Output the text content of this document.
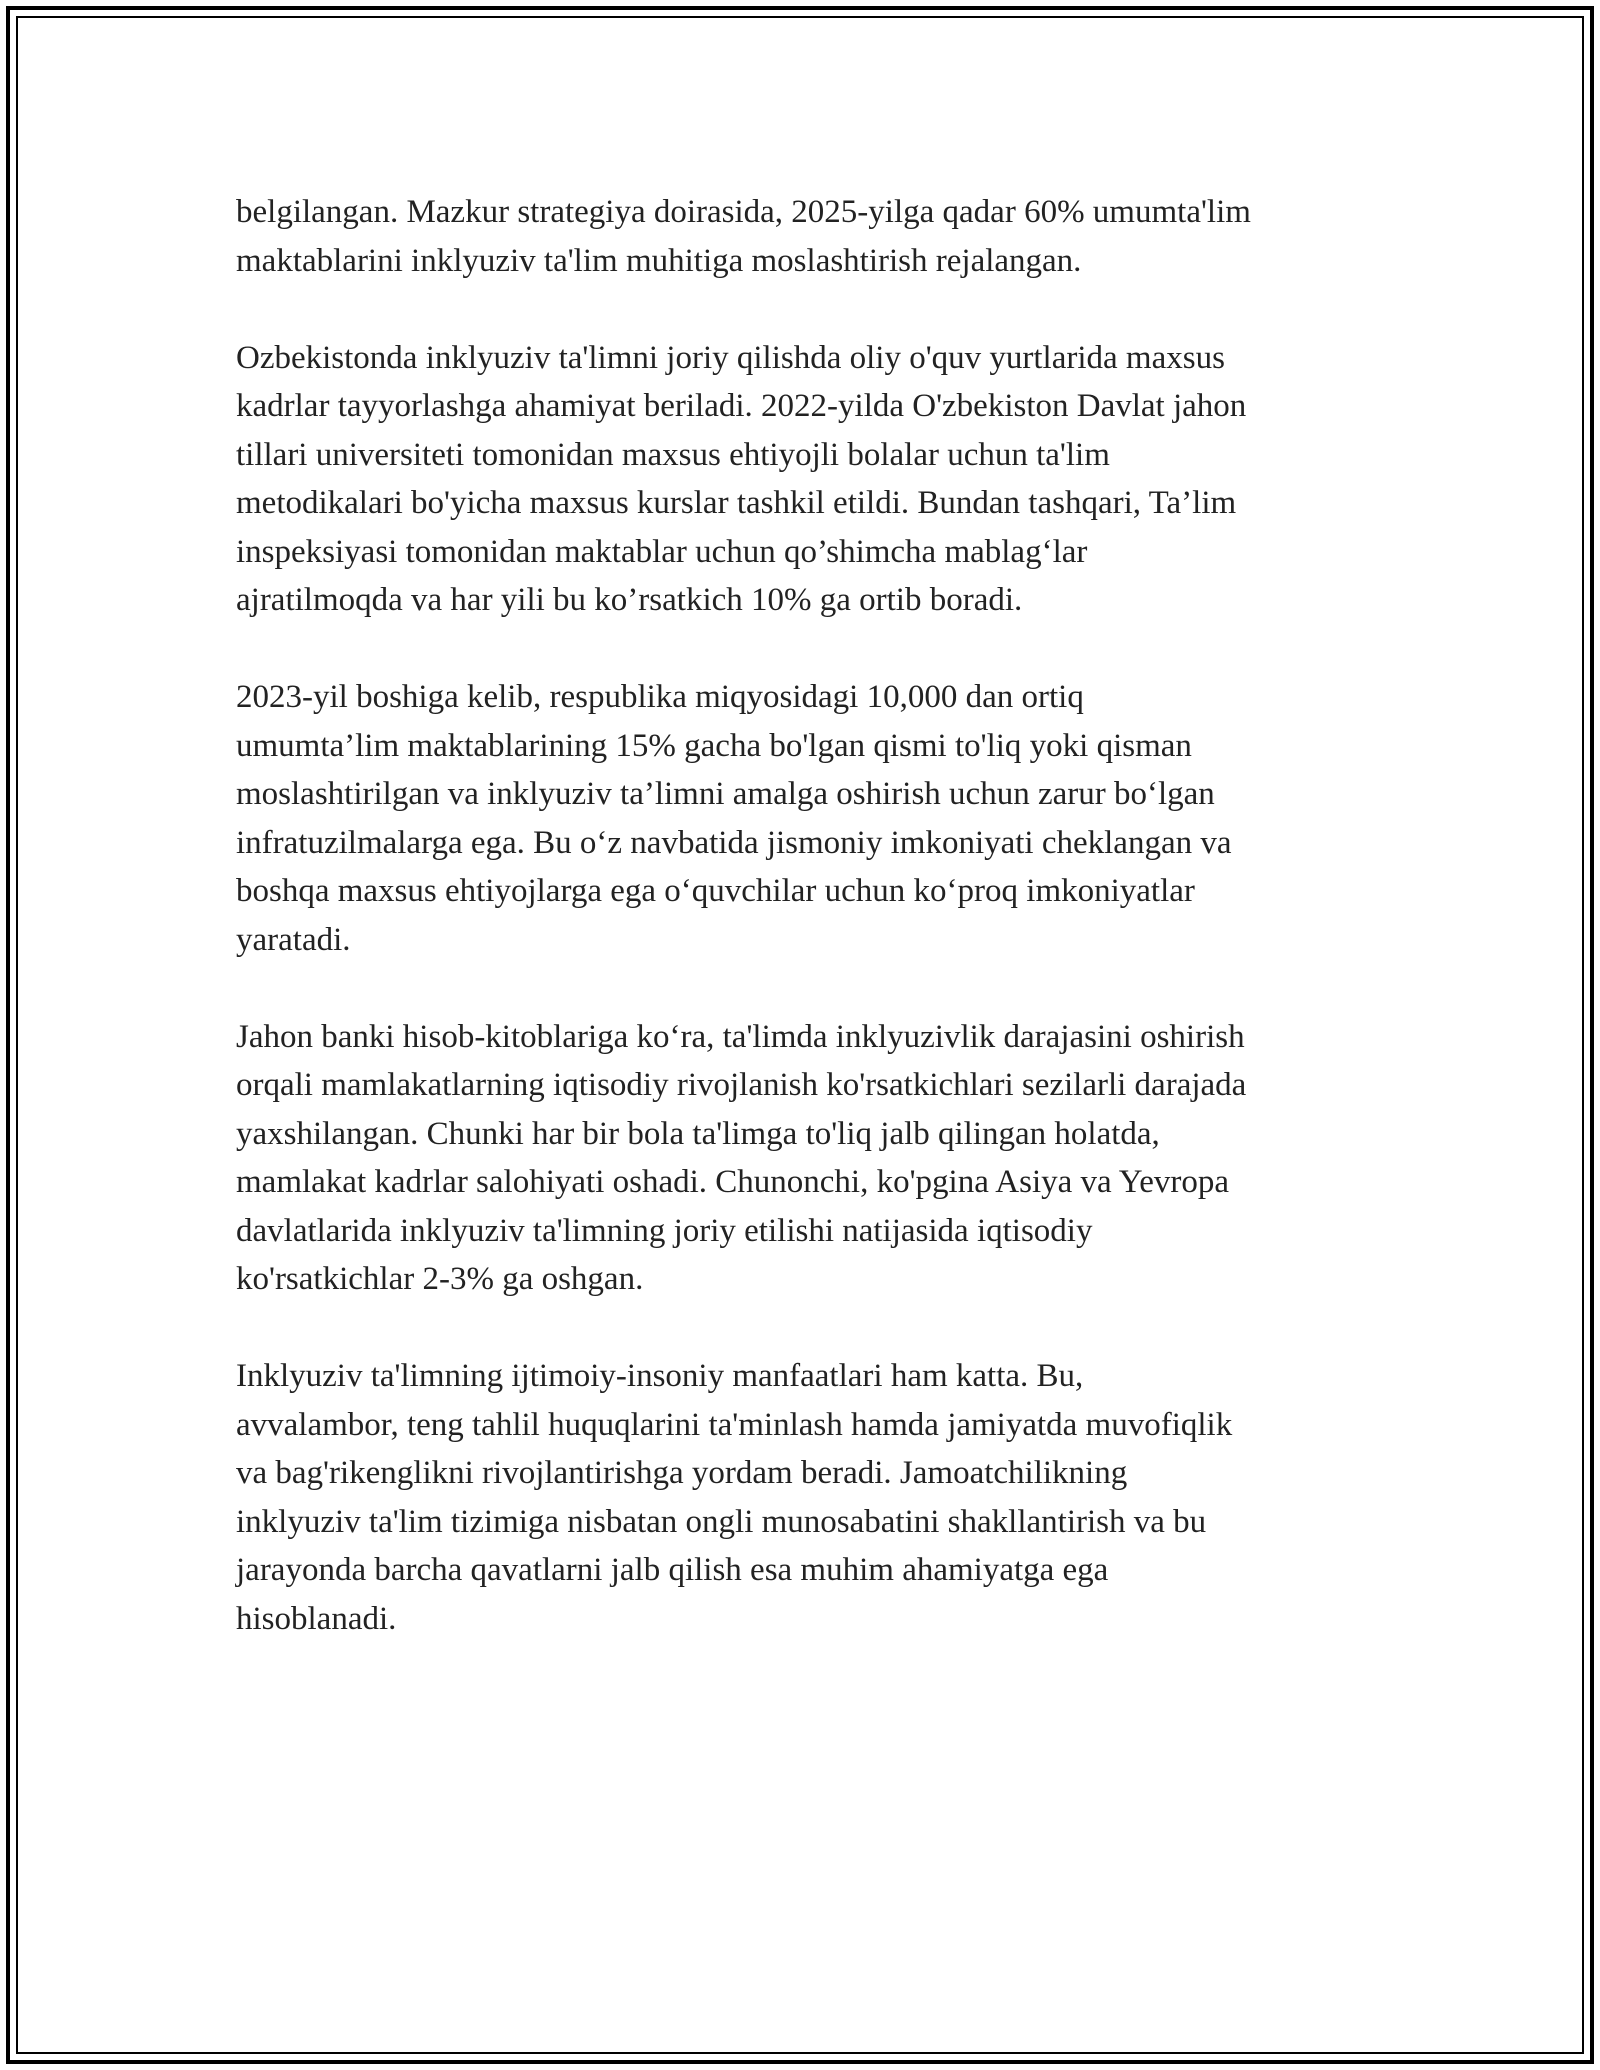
belgilangan. Mazkur strategiya doirasida, 2025-yilga qadar 60% umumta'lim
maktablarini inklyuziv ta'lim muhitiga moslashtirish rejalangan.

Ozbekistonda inklyuziv ta'limni joriy qilishda oliy o'quv yurtlarida maxsus
kadrlar tayyorlashga ahamiyat beriladi. 2022-yilda O'zbekiston Davlat jahon
tillari universiteti tomonidan maxsus ehtiyojli bolalar uchun ta'lim
metodikalari bo'yicha maxsus kurslar tashkil etildi. Bundan tashqari, Ta’lim
inspeksiyasi tomonidan maktablar uchun qo’shimcha mablag‘lar
ajratilmoqda va har yili bu ko’rsatkich 10% ga ortib boradi.

2023-yil boshiga kelib, respublika miqyosidagi 10,000 dan ortiq
umumta’lim maktablarining 15% gacha bo'lgan qismi to'liq yoki qisman
moslashtirilgan va inklyuziv ta’limni amalga oshirish uchun zarur bo‘lgan
infratuzilmalarga ega. Bu o‘z navbatida jismoniy imkoniyati cheklangan va
boshqa maxsus ehtiyojlarga ega o‘quvchilar uchun ko‘proq imkoniyatlar
yaratadi.

Jahon banki hisob-kitoblariga ko‘ra, ta'limda inklyuzivlik darajasini oshirish
orqali mamlakatlarning iqtisodiy rivojlanish ko'rsatkichlari sezilarli darajada
yaxshilangan. Chunki har bir bola ta'limga to'liq jalb qilingan holatda,
mamlakat kadrlar salohiyati oshadi. Chunonchi, ko'pgina Asiya va Yevropa
davlatlarida inklyuziv ta'limning joriy etilishi natijasida iqtisodiy
ko'rsatkichlar 2-3% ga oshgan.

Inklyuziv ta'limning ijtimoiy-insoniy manfaatlari ham katta. Bu,
avvalambor, teng tahlil huquqlarini ta'minlash hamda jamiyatda muvofiqlik
va bag'rikenglikni rivojlantirishga yordam beradi. Jamoatchilikning
inklyuziv ta'lim tizimiga nisbatan ongli munosabatini shakllantirish va bu
jarayonda barcha qavatlarni jalb qilish esa muhim ahamiyatga ega
hisoblanadi.
